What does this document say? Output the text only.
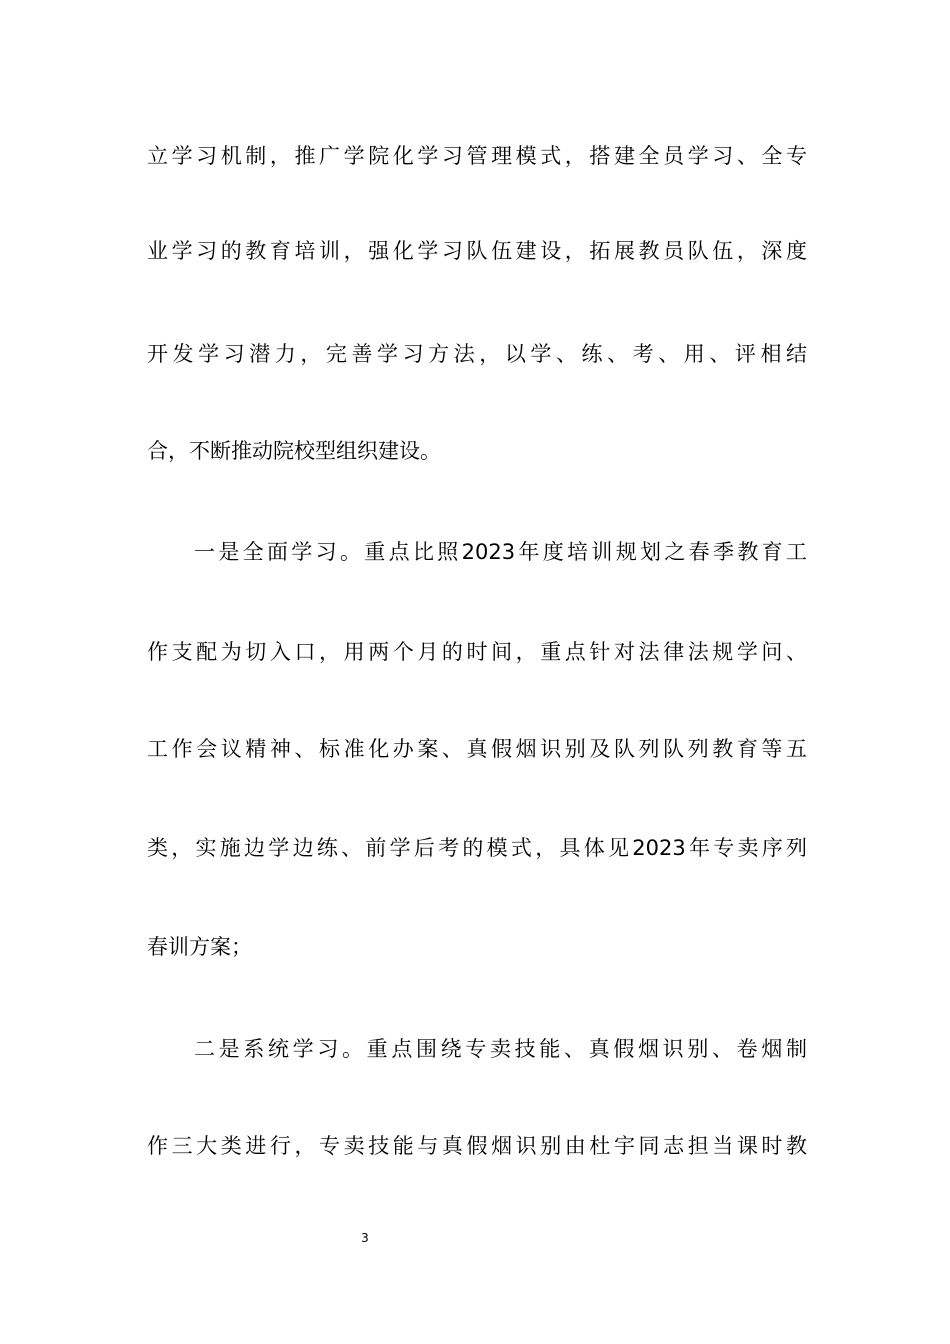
立学习机制，推广学院化学习管理模式，搭建全员学习、全专
业学习的教育培训，强化学习队伍建设，拓展教员队伍，深度
开发学习潜力，完善学习方法，以学、练、考、用、评相结
合，不断推动院校型组织建设。
一是全面学习。重点比照2023年度培训规划之春季教育工
作支配为切入口，用两个月的时间，重点针对法律法规学问、
工作会议精神、标准化办案、真假烟识别及队列队列教育等五
类，实施边学边练、前学后考的模式，具体见2023年专卖序列
春训方案；
二是系统学习。重点围绕专卖技能、真假烟识别、卷烟制
作三大类进行，专卖技能与真假烟识别由杜宇同志担当课时教
3
